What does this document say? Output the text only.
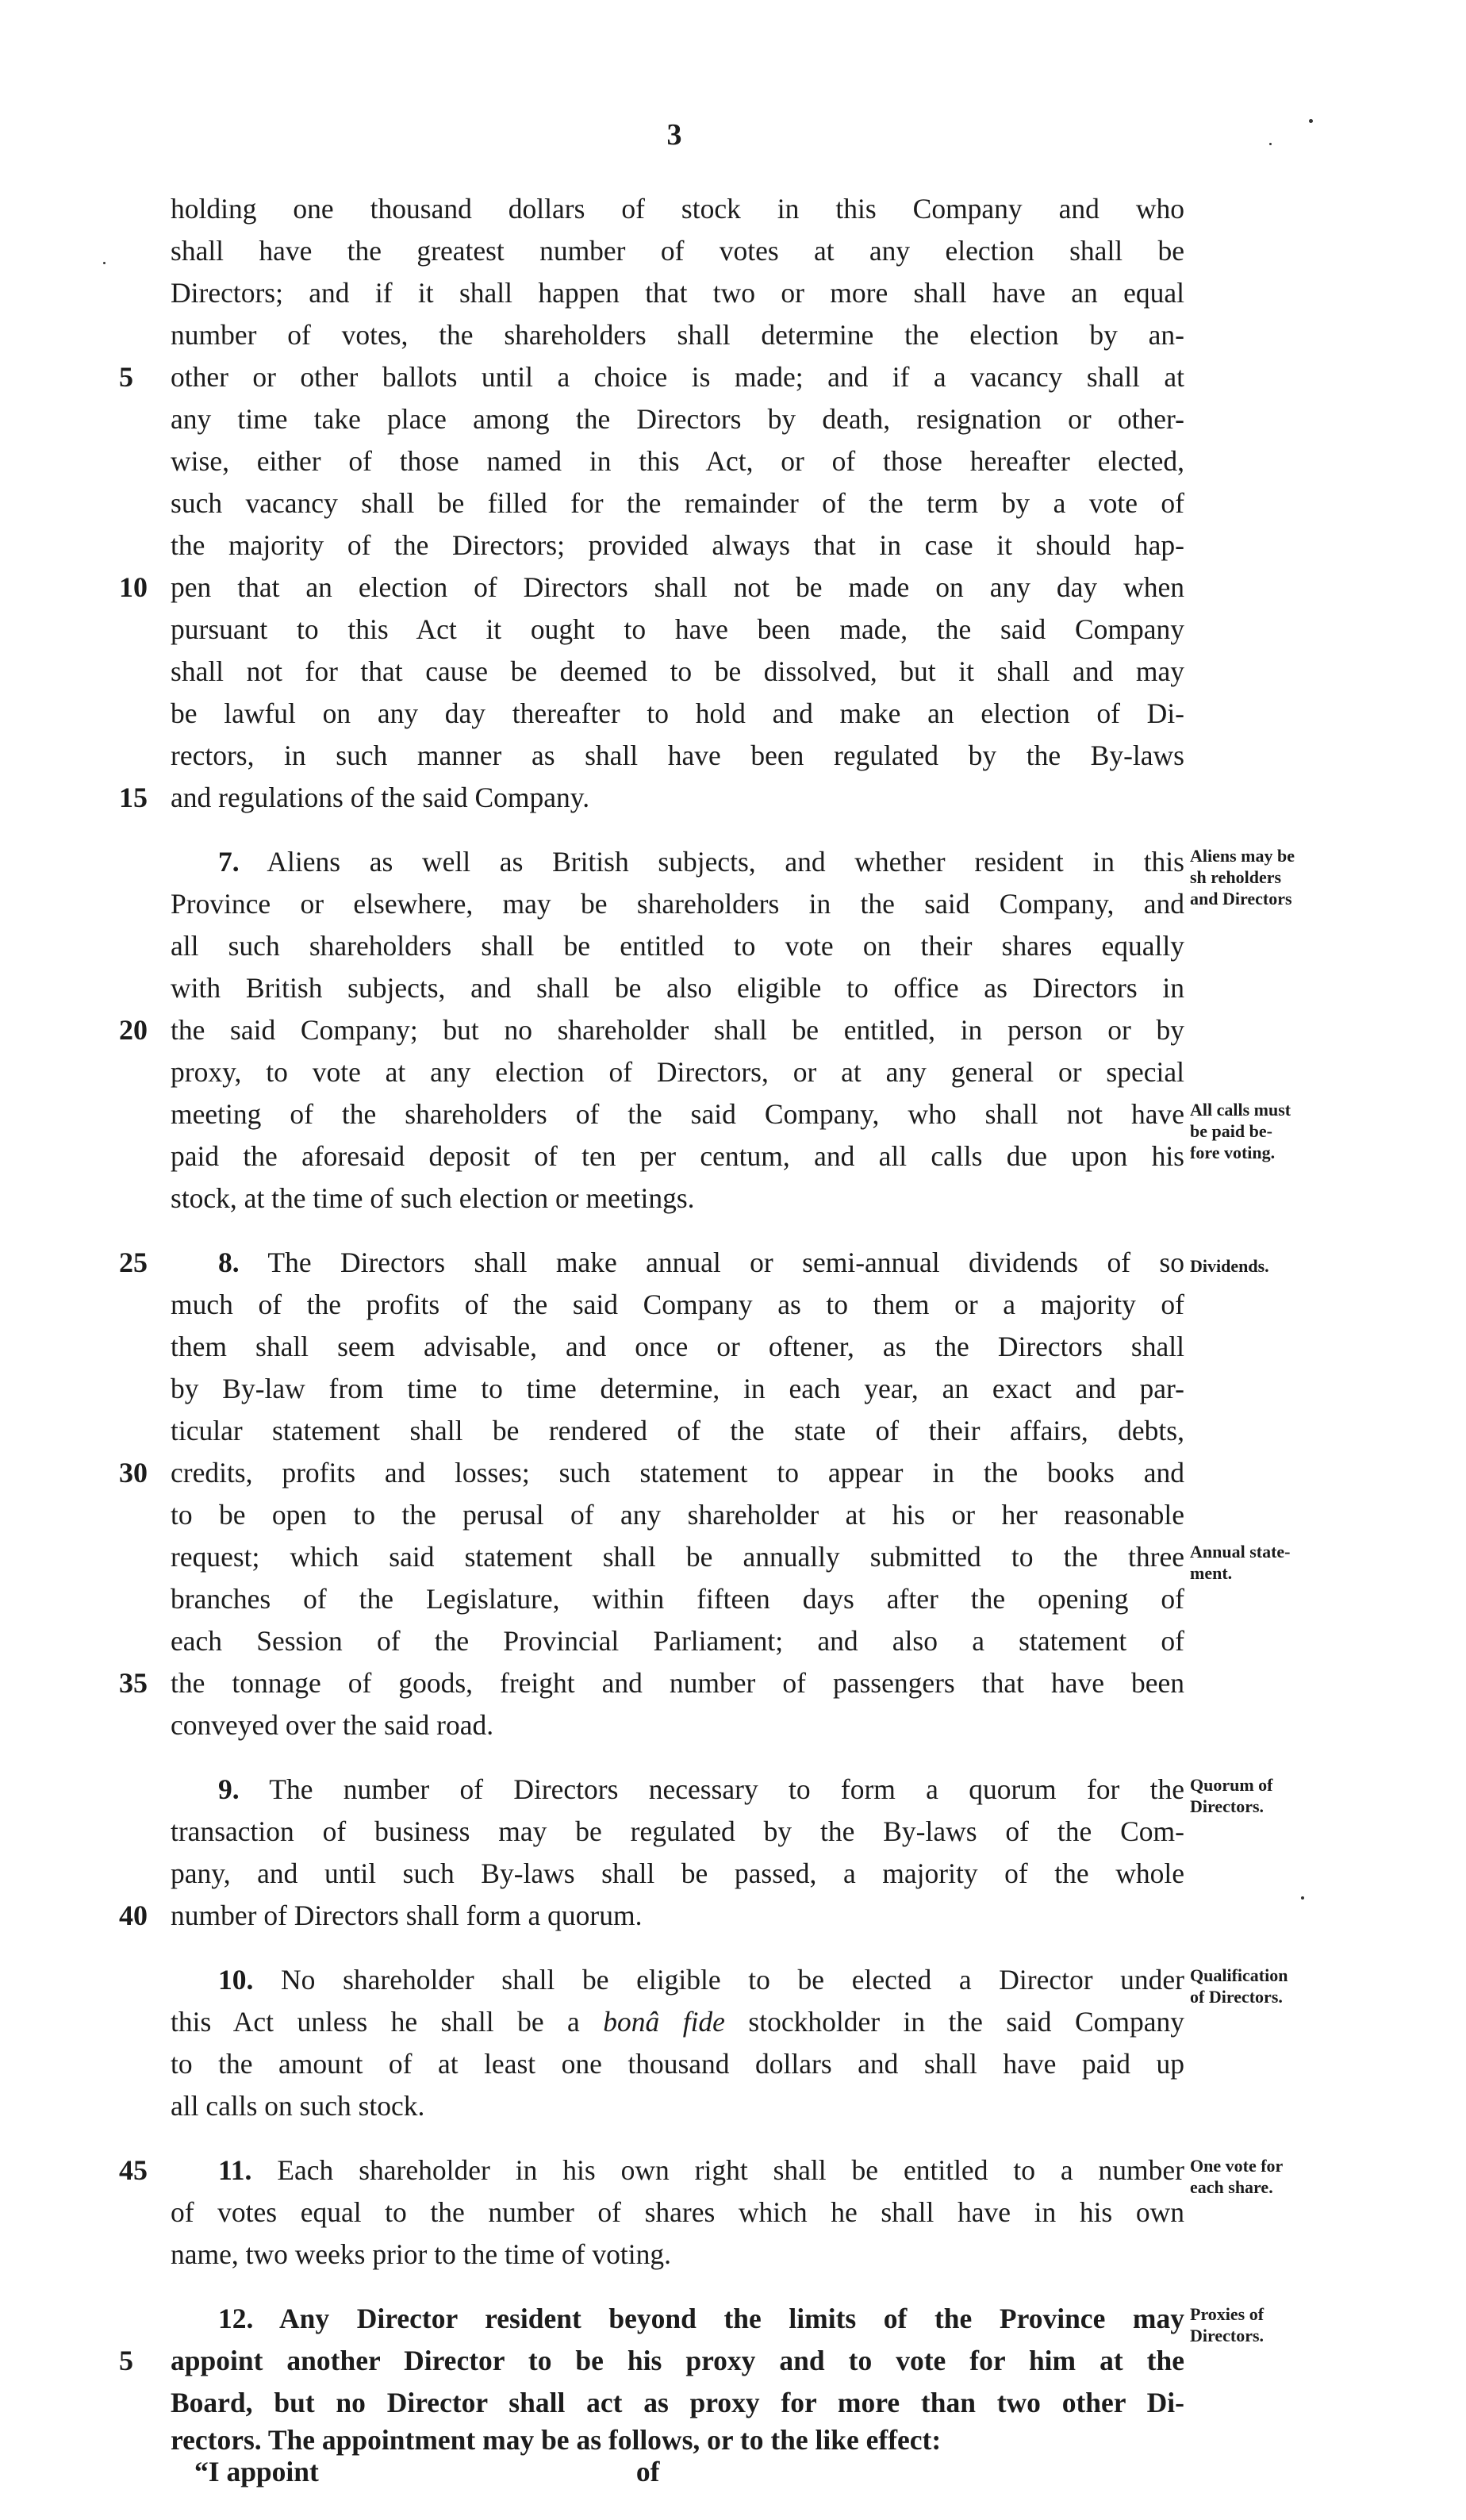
3
holding one thousand dollars of stock in this Company and who
shall have the greatest number of votes at any election shall be
Directors; and if it shall happen that two or more shall have an equal
number of votes, the shareholders shall determine the election by an-
5	other or other ballots until a choice is made; and if a vacancy shall at
any time take place among the Directors by death, resignation or other-
wise, either of those named in this Act, or of those hereafter elected,
such vacancy shall be filled for the remainder of the term by a vote of
the majority of the Directors; provided always that in case it should hap-
10 pen that an election of Directors shall not be made on any day when
pursuant to this Act it ought to have been made, the said Company
shall not for that cause be deemed to be dissolved, but it shall and may
be lawful on any day thereafter to hold and make an election of Di-
rectors, in such manner as shall have been regulated by the By-laws
15 and regulations of the said Company.
7. Aliens as well as British subjects, and whether resident in this Aliens may be
sh reholders
and Directors
Province or elsewhere, may be shareholders in the said Company, and
all such shareholders shall be entitled to vote on their shares equally
with British subjects, and shall be also eligible to office as Directors in
20 the said Company; but no shareholder shall be entitled, in person or by
proxy, to vote at any election of Directors, or at any general or special
meeting of the shareholders of the said Company, who shall not have All calls must
be paid be-
fore voting.
paid the aforesaid deposit of ten per centum, and all calls due upon his
stock, at the time of such election or meetings.
25	8. The Directors shall make annual or semi-annual dividends of so Dividends.
much of the profits of the said Company as to them or a majority of
them shall seem advisable, and once or oftener, as the Directors shall
by By-law from time to time determine, in each year, an exact and par-
ticular statement shall be rendered of the state of their affairs, debts,
30 credits, profits and losses; such statement to appear in the books and
to be open to the perusal of any shareholder at his or her reasonable
request; which said statement shall be annually submitted to the three Annual state-
ment.
branches of the Legislature, within fifteen days after the opening of
each Session of the Provincial Parliament; and also a statement of
35 the tonnage of goods, freight and number of passengers that have been
conveyed over the said road.
9. The number of Directors necessary to form a quorum for the Quorum of
Directors.
transaction of business may be regulated by the By-laws of the Com-
pany, and until such By-laws shall be passed, a majority of the whole
40 number of Directors shall form a quorum.
10. No shareholder shall be eligible to be elected a Director under Qualification
of Directors.
this Act unless he shall be a bonâ fide stockholder in the said Company
to the amount of at least one thousand dollars and shall have paid up
all calls on such stock.
45	11. Each shareholder in his own right shall be entitled to a number One vote for
each share.
of votes equal to the number of shares which he shall have in his own
name, two weeks prior to the time of voting.
12. Any Director resident beyond the limits of the Province may Proxies of
Directors.
5	appoint another Director to be his proxy and to vote for him at the
Board, but no Director shall act as proxy for more than two other Di-
rectors. The appointment may be as follows, or to the like effect:
“I appoint	of
